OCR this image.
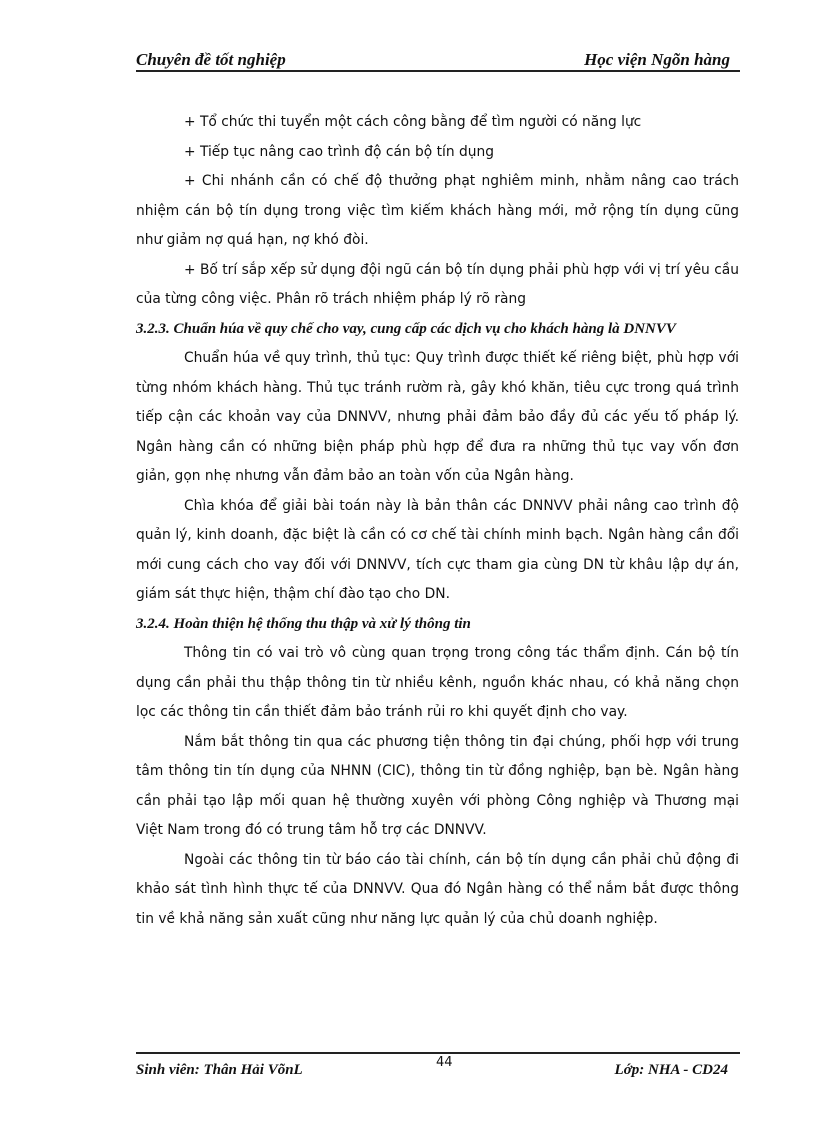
Chuyên đề tốt nghiệp	Học viện Ngõn hàng

+ Tổ chức thi tuyển một cách công bằng để tìm người có năng lực

+ Tiếp tục nâng cao trình độ cán bộ tín dụng

+ Chi nhánh cần có chế độ thưởng phạt nghiêm minh, nhằm nâng cao trách nhiệm cán bộ tín dụng trong việc tìm kiếm khách hàng mới, mở rộng tín dụng cũng như giảm nợ quá hạn, nợ khó đòi.

+ Bố trí sắp xếp sử dụng đội ngũ cán bộ tín dụng phải phù hợp với vị trí yêu cầu của từng công việc. Phân rõ trách nhiệm pháp lý rõ ràng

3.2.3. Chuẩn húa về quy chế cho vay, cung cấp các dịch vụ cho khách hàng là DNNVV

Chuẩn húa về quy trình, thủ tục: Quy trình được thiết kế riêng biệt, phù hợp với từng nhóm khách hàng. Thủ tục tránh rườm rà, gây khó khăn, tiêu cực trong quá trình tiếp cận các khoản vay của DNNVV, nhưng phải đảm bảo đầy đủ các yếu tố pháp lý. Ngân hàng cần có những biện pháp phù hợp để đưa ra những thủ tục vay vốn đơn giản, gọn nhẹ nhưng vẫn đảm bảo an toàn vốn của Ngân hàng.

Chìa khóa để giải bài toán này là bản thân các DNNVV phải nâng cao trình độ quản lý, kinh doanh, đặc biệt là cần có cơ chế tài chính minh bạch. Ngân hàng cần đổi mới cung cách cho vay đối với DNNVV, tích cực tham gia cùng DN từ khâu lập dự án, giám sát thực hiện, thậm chí đào tạo cho DN.

3.2.4. Hoàn thiện hệ thống thu thập và xử lý thông tin

Thông tin có vai trò vô cùng quan trọng trong công tác thẩm định. Cán bộ tín dụng cần phải thu thập thông tin từ nhiều kênh, nguồn khác nhau, có khả năng chọn lọc các thông tin cần thiết đảm bảo tránh rủi ro khi quyết định cho vay.

Nắm bắt thông tin qua các phương tiện thông tin đại chúng, phối hợp với trung tâm thông tin tín dụng của NHNN (CIC), thông tin từ đồng nghiệp, bạn bè. Ngân hàng cần phải tạo lập mối quan hệ thường xuyên với phòng Công nghiệp và Thương mại Việt Nam trong đó có trung tâm hỗ trợ các DNNVV.

Ngoài các thông tin từ báo cáo tài chính, cán bộ tín dụng cần phải chủ động đi khảo sát tình hình thực tế của DNNVV. Qua đó Ngân hàng có thể nắm bắt được thông tin về khả năng sản xuất cũng như năng lực quản lý của chủ doanh nghiệp.

Sinh viên: Thân Hải VõnL	44	Lớp: NHA - CD24
